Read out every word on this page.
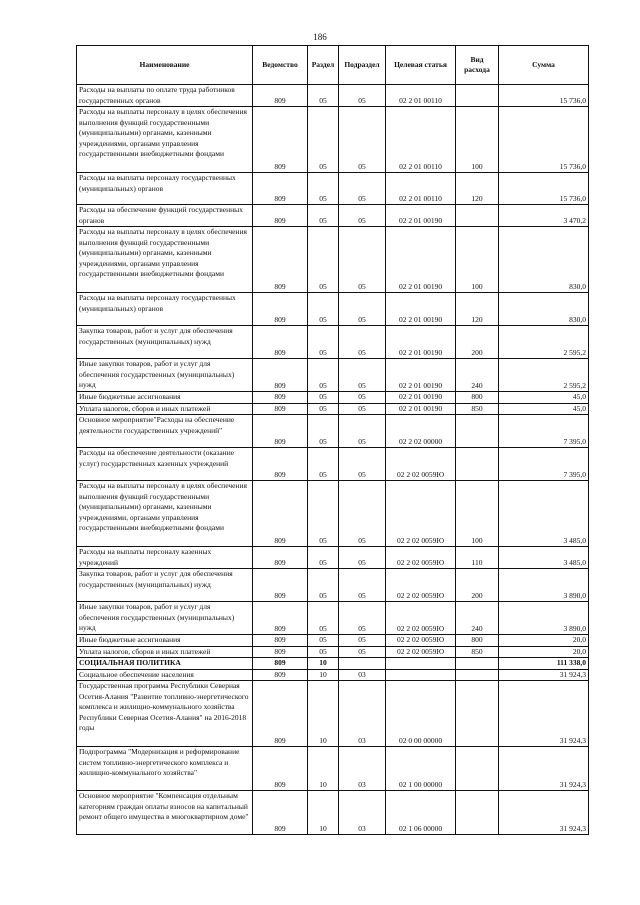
186
Наименование	Ведомство	Раздел	Подраздел	Целевая статья	Вид расхода	Сумма
Расходы на выплаты по оплате труда работников государственных органов	809	05	05	02 2 01 00110		15 736,0
Расходы на выплаты персоналу в целях обеспечения выполнения функций государственными (муниципальными) органами, казенными учреждениями, органами управления государственными внебюджетными фондами	809	05	05	02 2 01 00110	100	15 736,0
Расходы на выплаты персоналу государственных (муниципальных) органов	809	05	05	02 2 01 00110	120	15 736,0
Расходы на обеспечение функций государственных органов	809	05	05	02 2 01 00190		3 470,2
Расходы на выплаты персоналу в целях обеспечения выполнения функций государственными (муниципальными) органами, казенными учреждениями, органами управления государственными внебюджетными фондами	809	05	05	02 2 01 00190	100	830,0
Расходы на выплаты персоналу государственных (муниципальных) органов	809	05	05	02 2 01 00190	120	830,0
Закупка товаров, работ и услуг для обеспечения государственных (муниципальных) нужд	809	05	05	02 2 01 00190	200	2 595,2
Иные закупки товаров, работ и услуг для обеспечения государственных (муниципальных) нужд	809	05	05	02 2 01 00190	240	2 595,2
Иные бюджетные ассигнования	809	05	05	02 2 01 00190	800	45,0
Уплата налогов, сборов и иных платежей	809	05	05	02 2 01 00190	850	45,0
Основное мероприятие"Расходы на обеспечение деятельности государственных учреждений"	809	05	05	02 2 02 00000		7 395,0
Расходы на обеспечение деятельности (оказание услуг) государственных казенных учреждений	809	05	05	02 2 02 0059Ю		7 395,0
Расходы на выплаты персоналу в целях обеспечения выполнения функций государственными (муниципальными) органами, казенными учреждениями, органами управления государственными внебюджетными фондами	809	05	05	02 2 02 0059Ю	100	3 485,0
Расходы на выплаты персоналу казенных учреждений	809	05	05	02 2 02 0059Ю	110	3 485,0
Закупка товаров, работ и услуг для обеспечения государственных (муниципальных) нужд	809	05	05	02 2 02 0059Ю	200	3 890,0
Иные закупки товаров, работ и услуг для обеспечения государственных (муниципальных) нужд	809	05	05	02 2 02 0059Ю	240	3 890,0
Иные бюджетные ассигнования	809	05	05	02 2 02 0059Ю	800	20,0
Уплата налогов, сборов и иных платежей	809	05	05	02 2 02 0059Ю	850	20,0
СОЦИАЛЬНАЯ ПОЛИТИКА	809	10				111 338,0
Социальное обеспечение населения	809	10	03			31 924,3
Государственная программа Республики Северная Осетия-Алания "Развитие топливно-энергетического комплекса и жилищно-коммунального хозяйства Республики Северная Осетия-Алания" на 2016-2018 годы	809	10	03	02 0 00 00000		31 924,3
Подпрограмма "Модернизация и реформирование систем топливно-энергетического комплекса и жилищно-коммунального хозяйства"	809	10	03	02 1 00 00000		31 924,3
Основное мероприятие "Компенсация отдельным категориям граждан оплаты взносов на капитальный ремонт общего имущества в многоквартирном доме"	809	10	03	02 1 06 00000		31 924,3
